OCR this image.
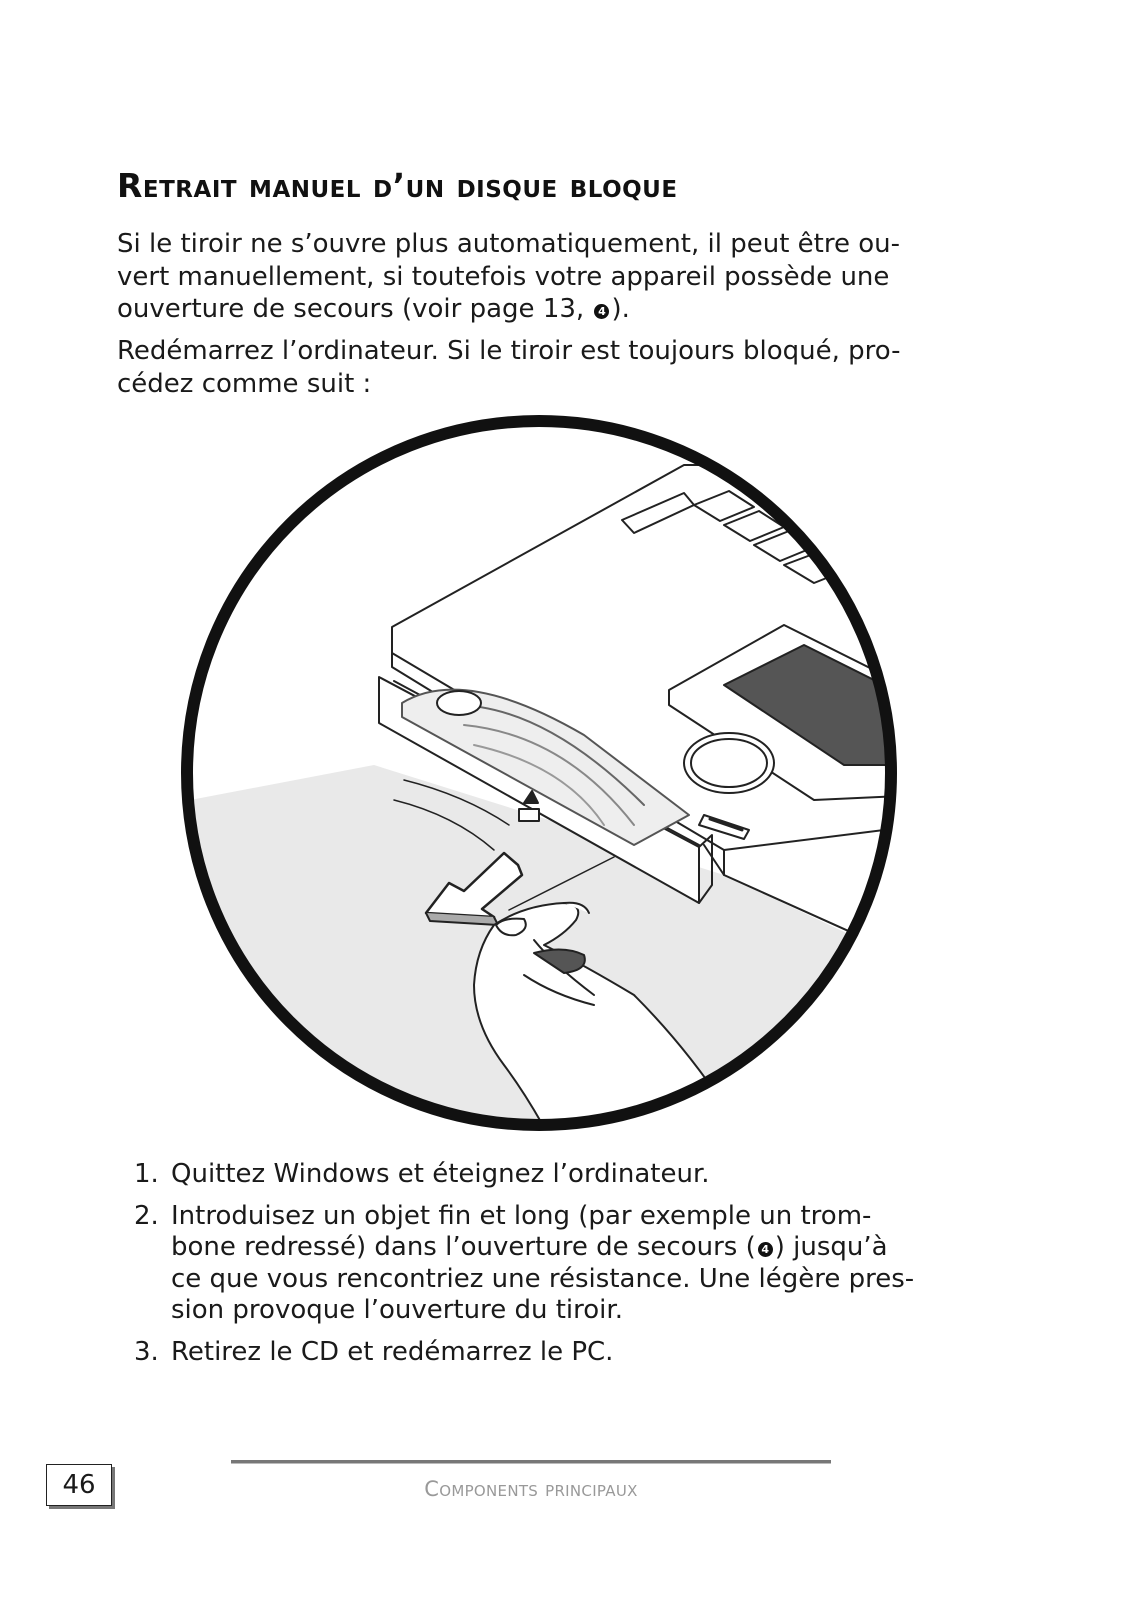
Retrait manuel d’un disque bloque

Si le tiroir ne s’ouvre plus automatiquement, il peut être ou-
vert manuellement, si toutefois votre appareil possède une
ouverture de secours (voir page 13, 4 ).

Redémarrez l’ordinateur. Si le tiroir est toujours bloqué, pro-
cédez comme suit :

1. Quittez Windows et éteignez l’ordinateur.
2. Introduisez un objet fin et long (par exemple un trom-
bone redressé) dans l’ouverture de secours ( 4 ) jusqu’à
ce que vous rencontriez une résistance. Une légère pres-
sion provoque l’ouverture du tiroir.
3. Retirez le CD et redémarrez le PC.
46	Components principaux
